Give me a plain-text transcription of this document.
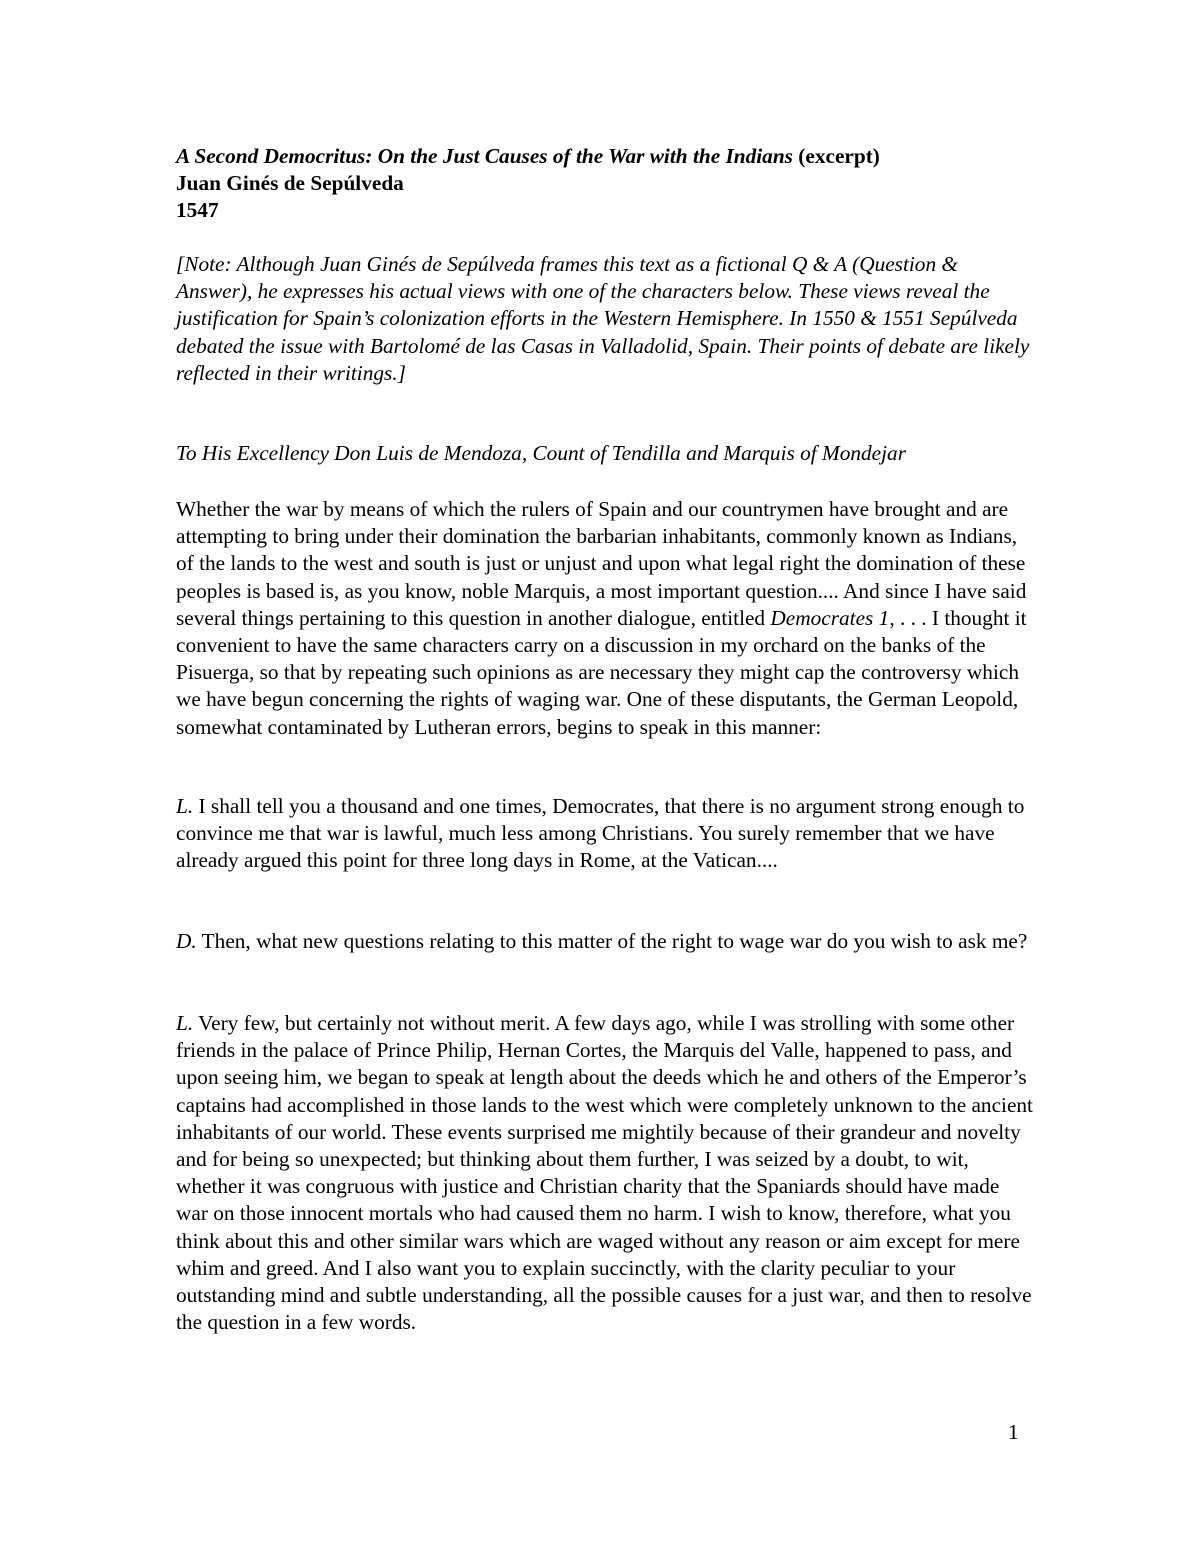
A Second Democritus: On the Just Causes of the War with the Indians (excerpt)
Juan Ginés de Sepúlveda
1547

[Note: Although Juan Ginés de Sepúlveda frames this text as a fictional Q & A (Question & Answer), he expresses his actual views with one of the characters below. These views reveal the justification for Spain’s colonization efforts in the Western Hemisphere. In 1550 & 1551 Sepúlveda debated the issue with Bartolomé de las Casas in Valladolid, Spain. Their points of debate are likely reflected in their writings.]

To His Excellency Don Luis de Mendoza, Count of Tendilla and Marquis of Mondejar

Whether the war by means of which the rulers of Spain and our countrymen have brought and are attempting to bring under their domination the barbarian inhabitants, commonly known as Indians, of the lands to the west and south is just or unjust and upon what legal right the domination of these peoples is based is, as you know, noble Marquis, a most important question.... And since I have said several things pertaining to this question in another dialogue, entitled Democrates 1, . . . I thought it convenient to have the same characters carry on a discussion in my orchard on the banks of the Pisuerga, so that by repeating such opinions as are necessary they might cap the controversy which we have begun concerning the rights of waging war. One of these disputants, the German Leopold, somewhat contaminated by Lutheran errors, begins to speak in this manner:

L. I shall tell you a thousand and one times, Democrates, that there is no argument strong enough to convince me that war is lawful, much less among Christians. You surely remember that we have already argued this point for three long days in Rome, at the Vatican....

D. Then, what new questions relating to this matter of the right to wage war do you wish to ask me?

L. Very few, but certainly not without merit. A few days ago, while I was strolling with some other friends in the palace of Prince Philip, Hernan Cortes, the Marquis del Valle, happened to pass, and upon seeing him, we began to speak at length about the deeds which he and others of the Emperor’s captains had accomplished in those lands to the west which were completely unknown to the ancient inhabitants of our world. These events surprised me mightily because of their grandeur and novelty and for being so unexpected; but thinking about them further, I was seized by a doubt, to wit, whether it was congruous with justice and Christian charity that the Spaniards should have made war on those innocent mortals who had caused them no harm. I wish to know, therefore, what you think about this and other similar wars which are waged without any reason or aim except for mere whim and greed. And I also want you to explain succinctly, with the clarity peculiar to your outstanding mind and subtle understanding, all the possible causes for a just war, and then to resolve the question in a few words.

1
